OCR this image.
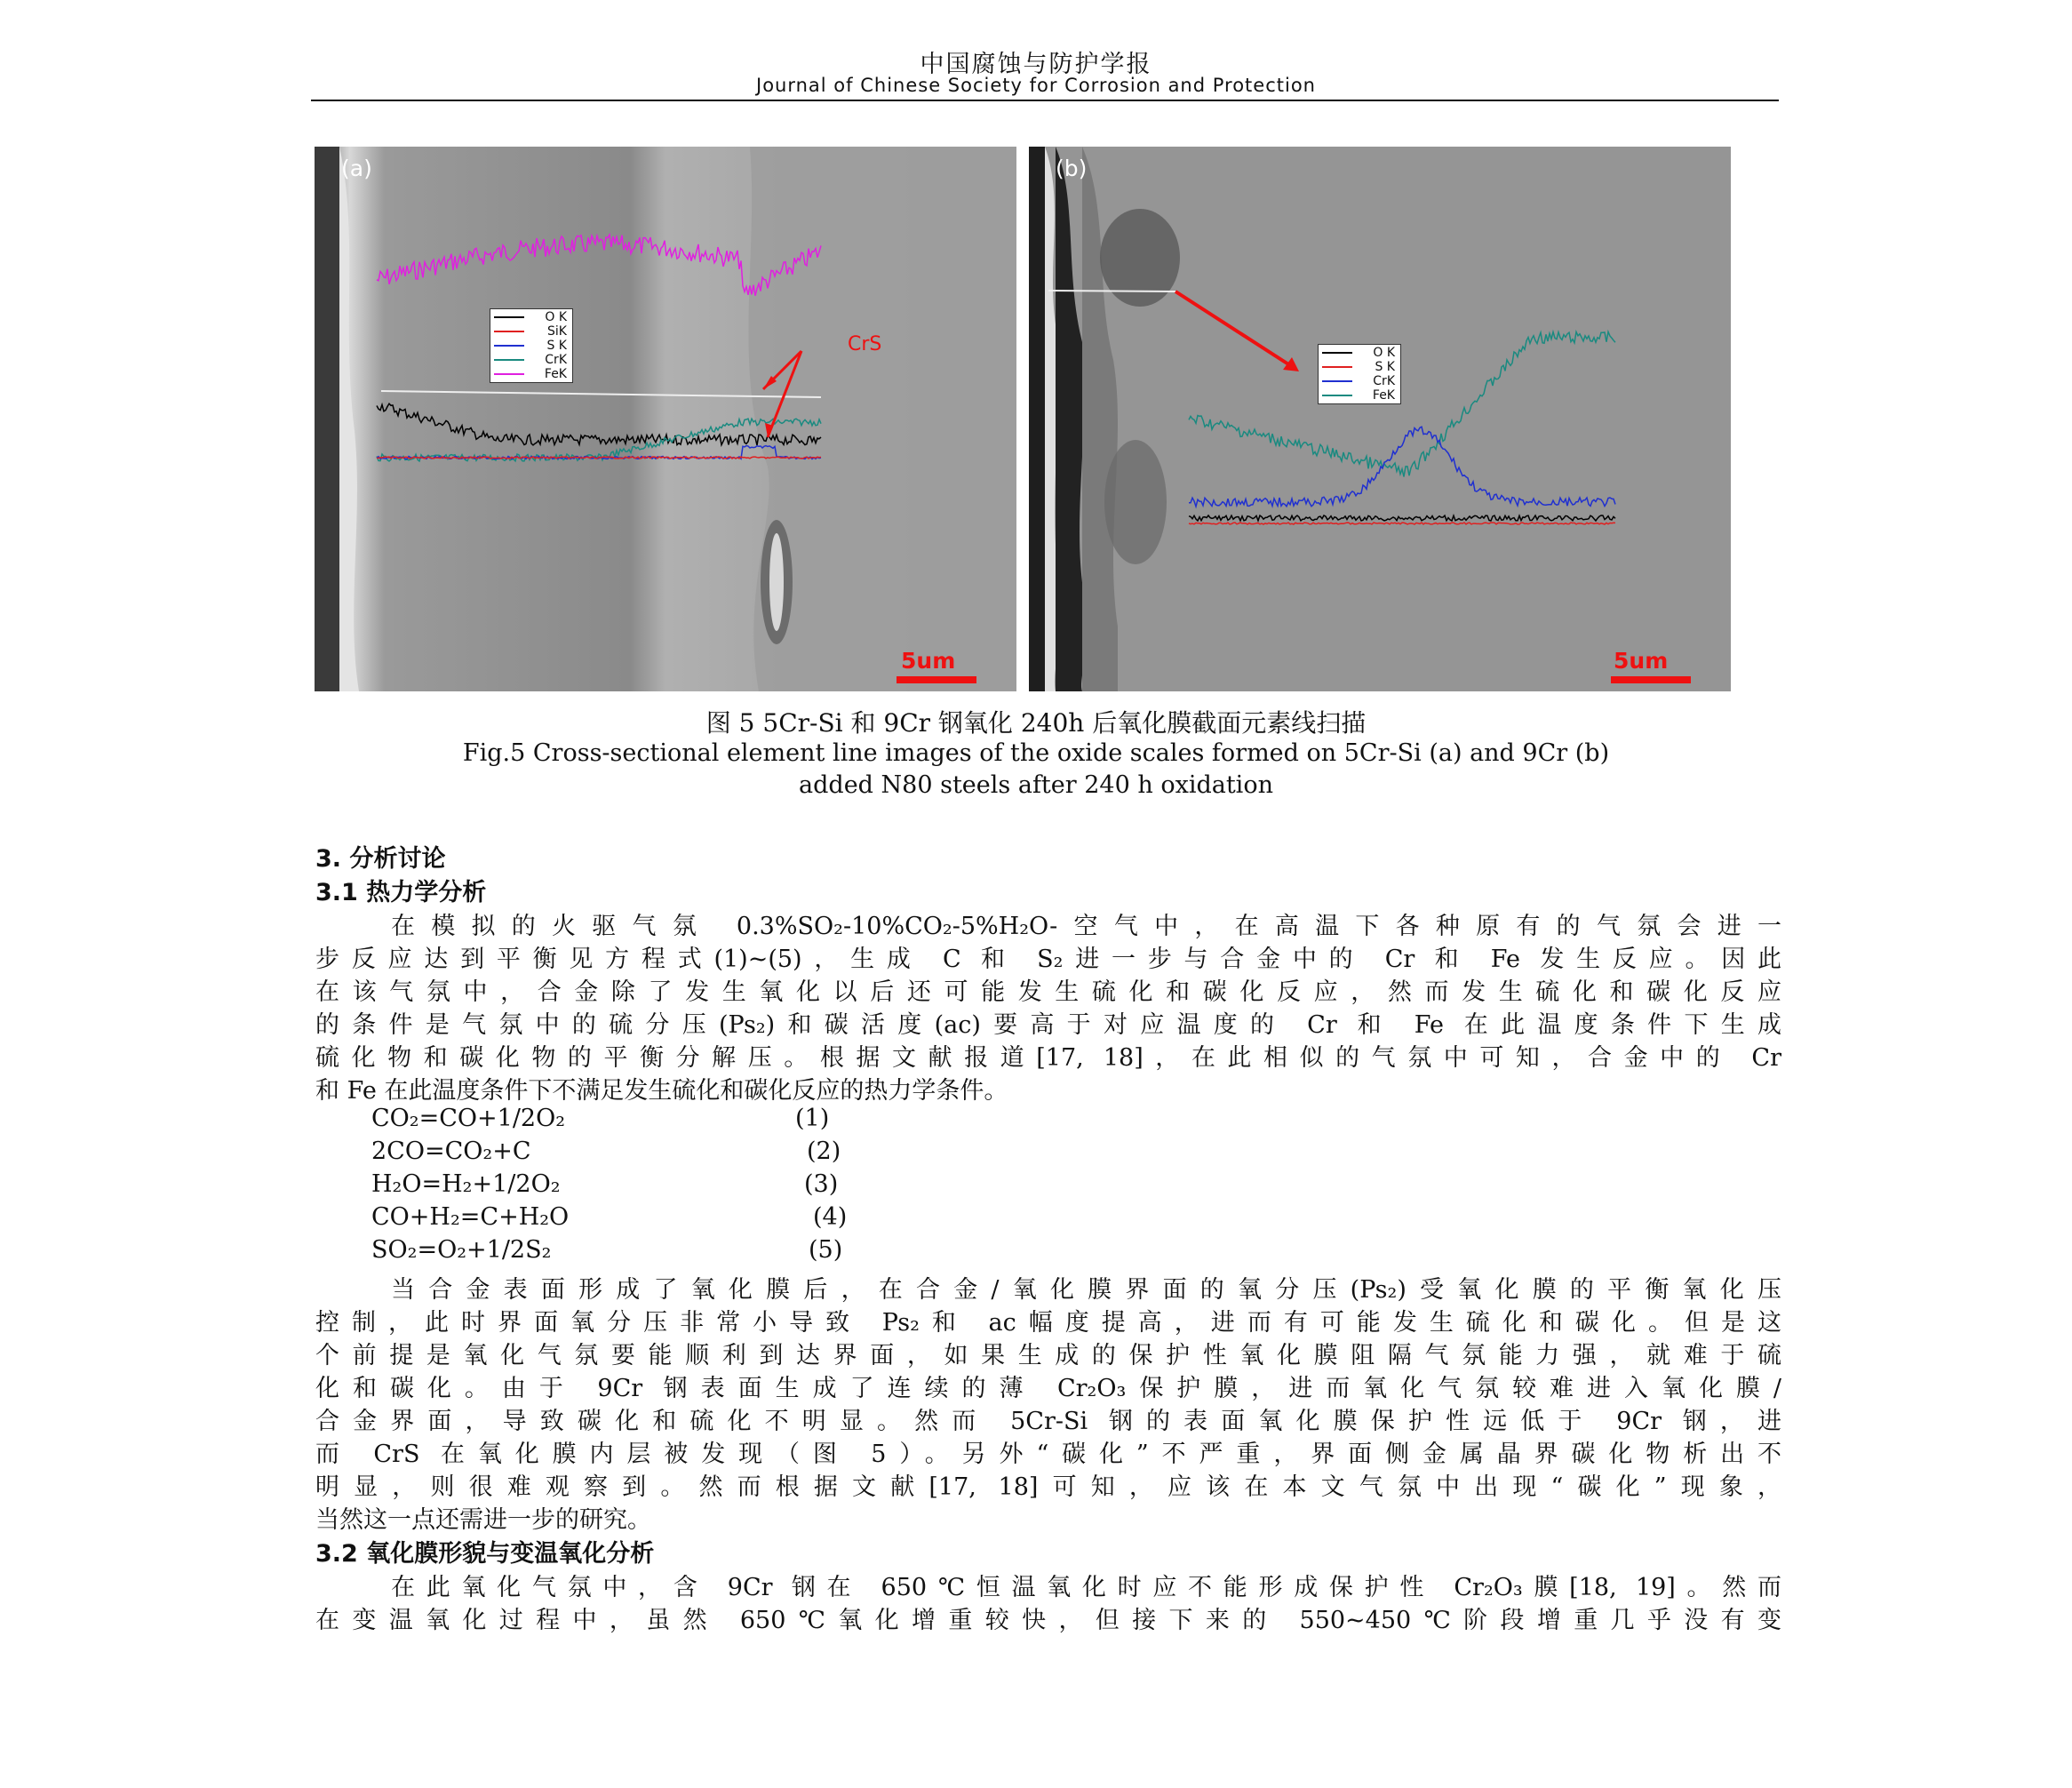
中国腐蚀与防护学报
Journal of Chinese Society for Corrosion and Protection
(a)
O K
SiK
S K
CrK
FeK
CrS
5um
(b)
O K
S K
CrK
FeK
5um
图 5 5Cr-Si 和 9Cr 钢氧化 240h 后氧化膜截面元素线扫描
Fig.5 Cross-sectional element line images of the oxide scales formed on 5Cr-Si (a) and 9Cr (b)
added N80 steels after 240 h oxidation
3. 分析讨论
3.1 热力学分析
在模拟的火驱气氛 0.3%SO₂-10%CO₂-5%H₂O-空气中，在高温下各种原有的气氛会进一
步反应达到平衡见方程式(1)~(5)，生成 C 和 S₂进一步与合金中的 Cr 和 Fe 发生反应。因此
在该气氛中，合金除了发生氧化以后还可能发生硫化和碳化反应，然而发生硫化和碳化反应
的条件是气氛中的硫分压(Ps₂)和碳活度(ac)要高于对应温度的 Cr 和 Fe 在此温度条件下生成
硫化物和碳化物的平衡分解压。根据文献报道[17, 18]，在此相似的气氛中可知，合金中的 Cr
和 Fe 在此温度条件下不满足发生硫化和碳化反应的热力学条件。
CO₂=CO+1/2O₂	(1)
2CO=CO₂+C	(2)
H₂O=H₂+1/2O₂	(3)
CO+H₂=C+H₂O	(4)
SO₂=O₂+1/2S₂	(5)
当合金表面形成了氧化膜后，在合金/氧化膜界面的氧分压(Ps₂)受氧化膜的平衡氧化压
控制，此时界面氧分压非常小导致 Ps₂和 ac幅度提高，进而有可能发生硫化和碳化。但是这
个前提是氧化气氛要能顺利到达界面，如果生成的保护性氧化膜阻隔气氛能力强，就难于硫
化和碳化。由于 9Cr 钢表面生成了连续的薄 Cr₂O₃保护膜，进而氧化气氛较难进入氧化膜/
合金界面，导致碳化和硫化不明显。然而 5Cr-Si 钢的表面氧化膜保护性远低于 9Cr 钢，进
而 CrS 在氧化膜内层被发现（图 5）。另外“碳化”不严重，界面侧金属晶界碳化物析出不
明显，则很难观察到。然而根据文献[17, 18]可知，应该在本文气氛中出现“碳化”现象，
当然这一点还需进一步的研究。
3.2 氧化膜形貌与变温氧化分析
在此氧化气氛中，含 9Cr 钢在 650℃恒温氧化时应不能形成保护性 Cr₂O₃膜[18, 19]。然而
在变温氧化过程中，虽然 650℃氧化增重较快，但接下来的 550~450℃阶段增重几乎没有变
